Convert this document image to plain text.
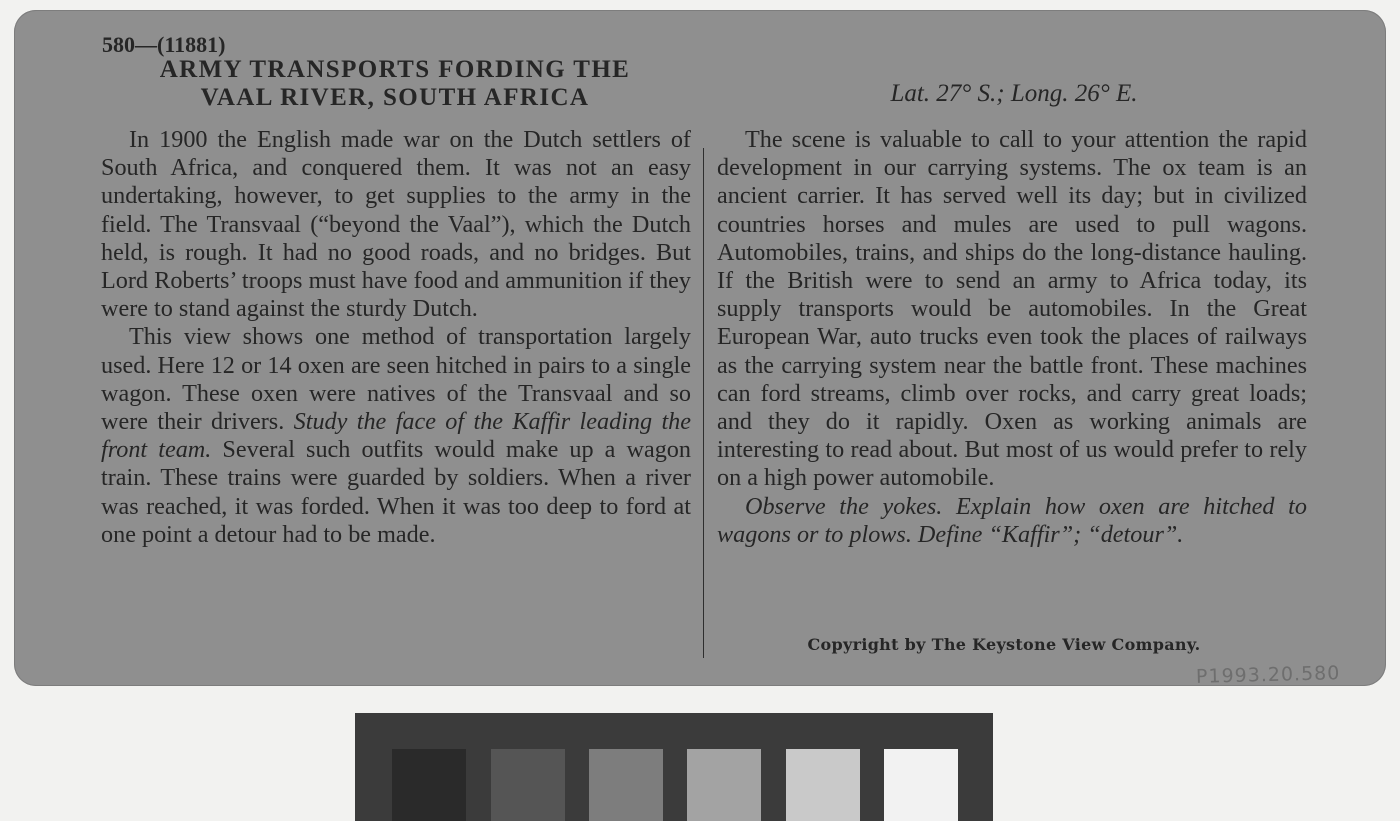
580—(11881)
ARMY TRANSPORTS FORDING THE
VAAL RIVER, SOUTH AFRICA	Lat. 27° S.; Long. 26° E.

In 1900 the English made war on the Dutch settlers of South Africa, and conquered them. It was not an easy undertaking, however, to get supplies to the army in the field. The Transvaal (“beyond the Vaal”), which the Dutch held, is rough. It had no good roads, and no bridges. But Lord Roberts’ troops must have food and ammunition if they were to stand against the sturdy Dutch.

This view shows one method of transportation largely used. Here 12 or 14 oxen are seen hitched in pairs to a single wagon. These oxen were natives of the Transvaal and so were their drivers. Study the face of the Kaffir leading the front team. Several such outfits would make up a wagon train. These trains were guarded by soldiers. When a river was reached, it was forded. When it was too deep to ford at one point a detour had to be made.

The scene is valuable to call to your attention the rapid development in our carrying systems. The ox team is an ancient carrier. It has served well its day; but in civilized countries horses and mules are used to pull wagons. Automobiles, trains, and ships do the long-distance hauling. If the British were to send an army to Africa today, its supply transports would be automobiles. In the Great European War, auto trucks even took the places of railways as the carrying system near the battle front. These machines can ford streams, climb over rocks, and carry great loads; and they do it rapidly. Oxen as working animals are interesting to read about. But most of us would prefer to rely on a high power automobile.

Observe the yokes. Explain how oxen are hitched to wagons or to plows. Define “Kaffir”; “detour”.

Copyright by The Keystone View Company.
P1993.20.580
